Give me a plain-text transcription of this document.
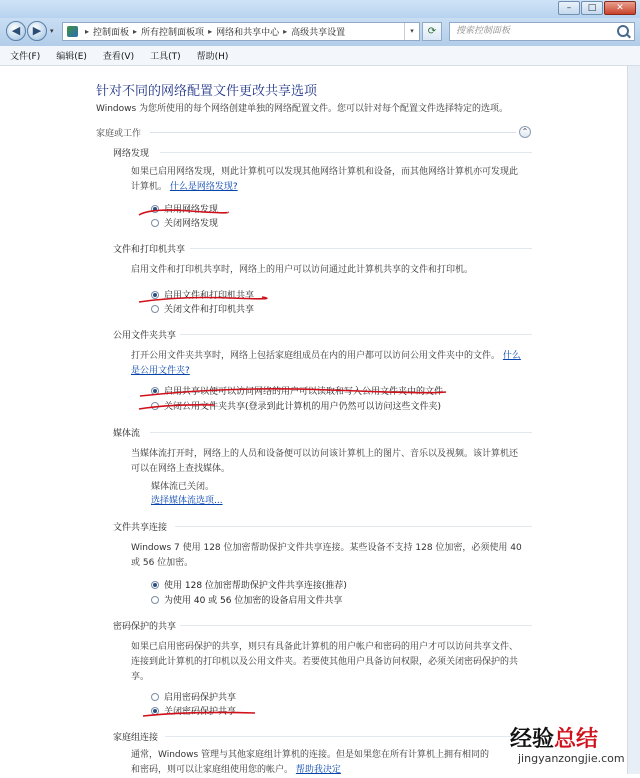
–	□	✕
◀	▶	▾	▸ 控制面板 ▸ 所有控制面板项 ▸ 网络和共享中心 ▸ 高级共享设置	▾	⟳	搜索控制面板
文件(F) 编辑(E) 查看(V) 工具(T) 帮助(H)
针对不同的网络配置文件更改共享选项
Windows 为您所使用的每个网络创建单独的网络配置文件。您可以针对每个配置文件选择特定的选项。
家庭或工作	⌃
网络发现
如果已启用网络发现，则此计算机可以发现其他网络计算机和设备，而其他网络计算机亦可发现此
计算机。 什么是网络发现?
启用网络发现
关闭网络发现
文件和打印机共享
启用文件和打印机共享时，网络上的用户可以访问通过此计算机共享的文件和打印机。
启用文件和打印机共享
关闭文件和打印机共享
公用文件夹共享
打开公用文件夹共享时，网络上包括家庭组成员在内的用户都可以访问公用文件夹中的文件。 什么
是公用文件夹?
启用共享以便可以访问网络的用户可以读取和写入公用文件夹中的文件
关闭公用文件夹共享(登录到此计算机的用户仍然可以访问这些文件夹)
媒体流
当媒体流打开时，网络上的人员和设备便可以访问该计算机上的图片、音乐以及视频。该计算机还
可以在网络上查找媒体。
媒体流已关闭。
选择媒体流选项...
文件共享连接
Windows 7 使用 128 位加密帮助保护文件共享连接。某些设备不支持 128 位加密，必须使用 40
或 56 位加密。
使用 128 位加密帮助保护文件共享连接(推荐)
为使用 40 或 56 位加密的设备启用文件共享
密码保护的共享
如果已启用密码保护的共享，则只有具备此计算机的用户帐户和密码的用户才可以访问共享文件、
连接到此计算机的打印机以及公用文件夹。若要使其他用户具备访问权限，必须关闭密码保护的共
享。
启用密码保护共享
关闭密码保护共享
家庭组连接
通常，Windows 管理与其他家庭组计算机的连接。但是如果您在所有计算机上拥有相同的
和密码，则可以让家庭组使用您的帐户。 帮助我决定
经验总结
jingyanzongjie.com
